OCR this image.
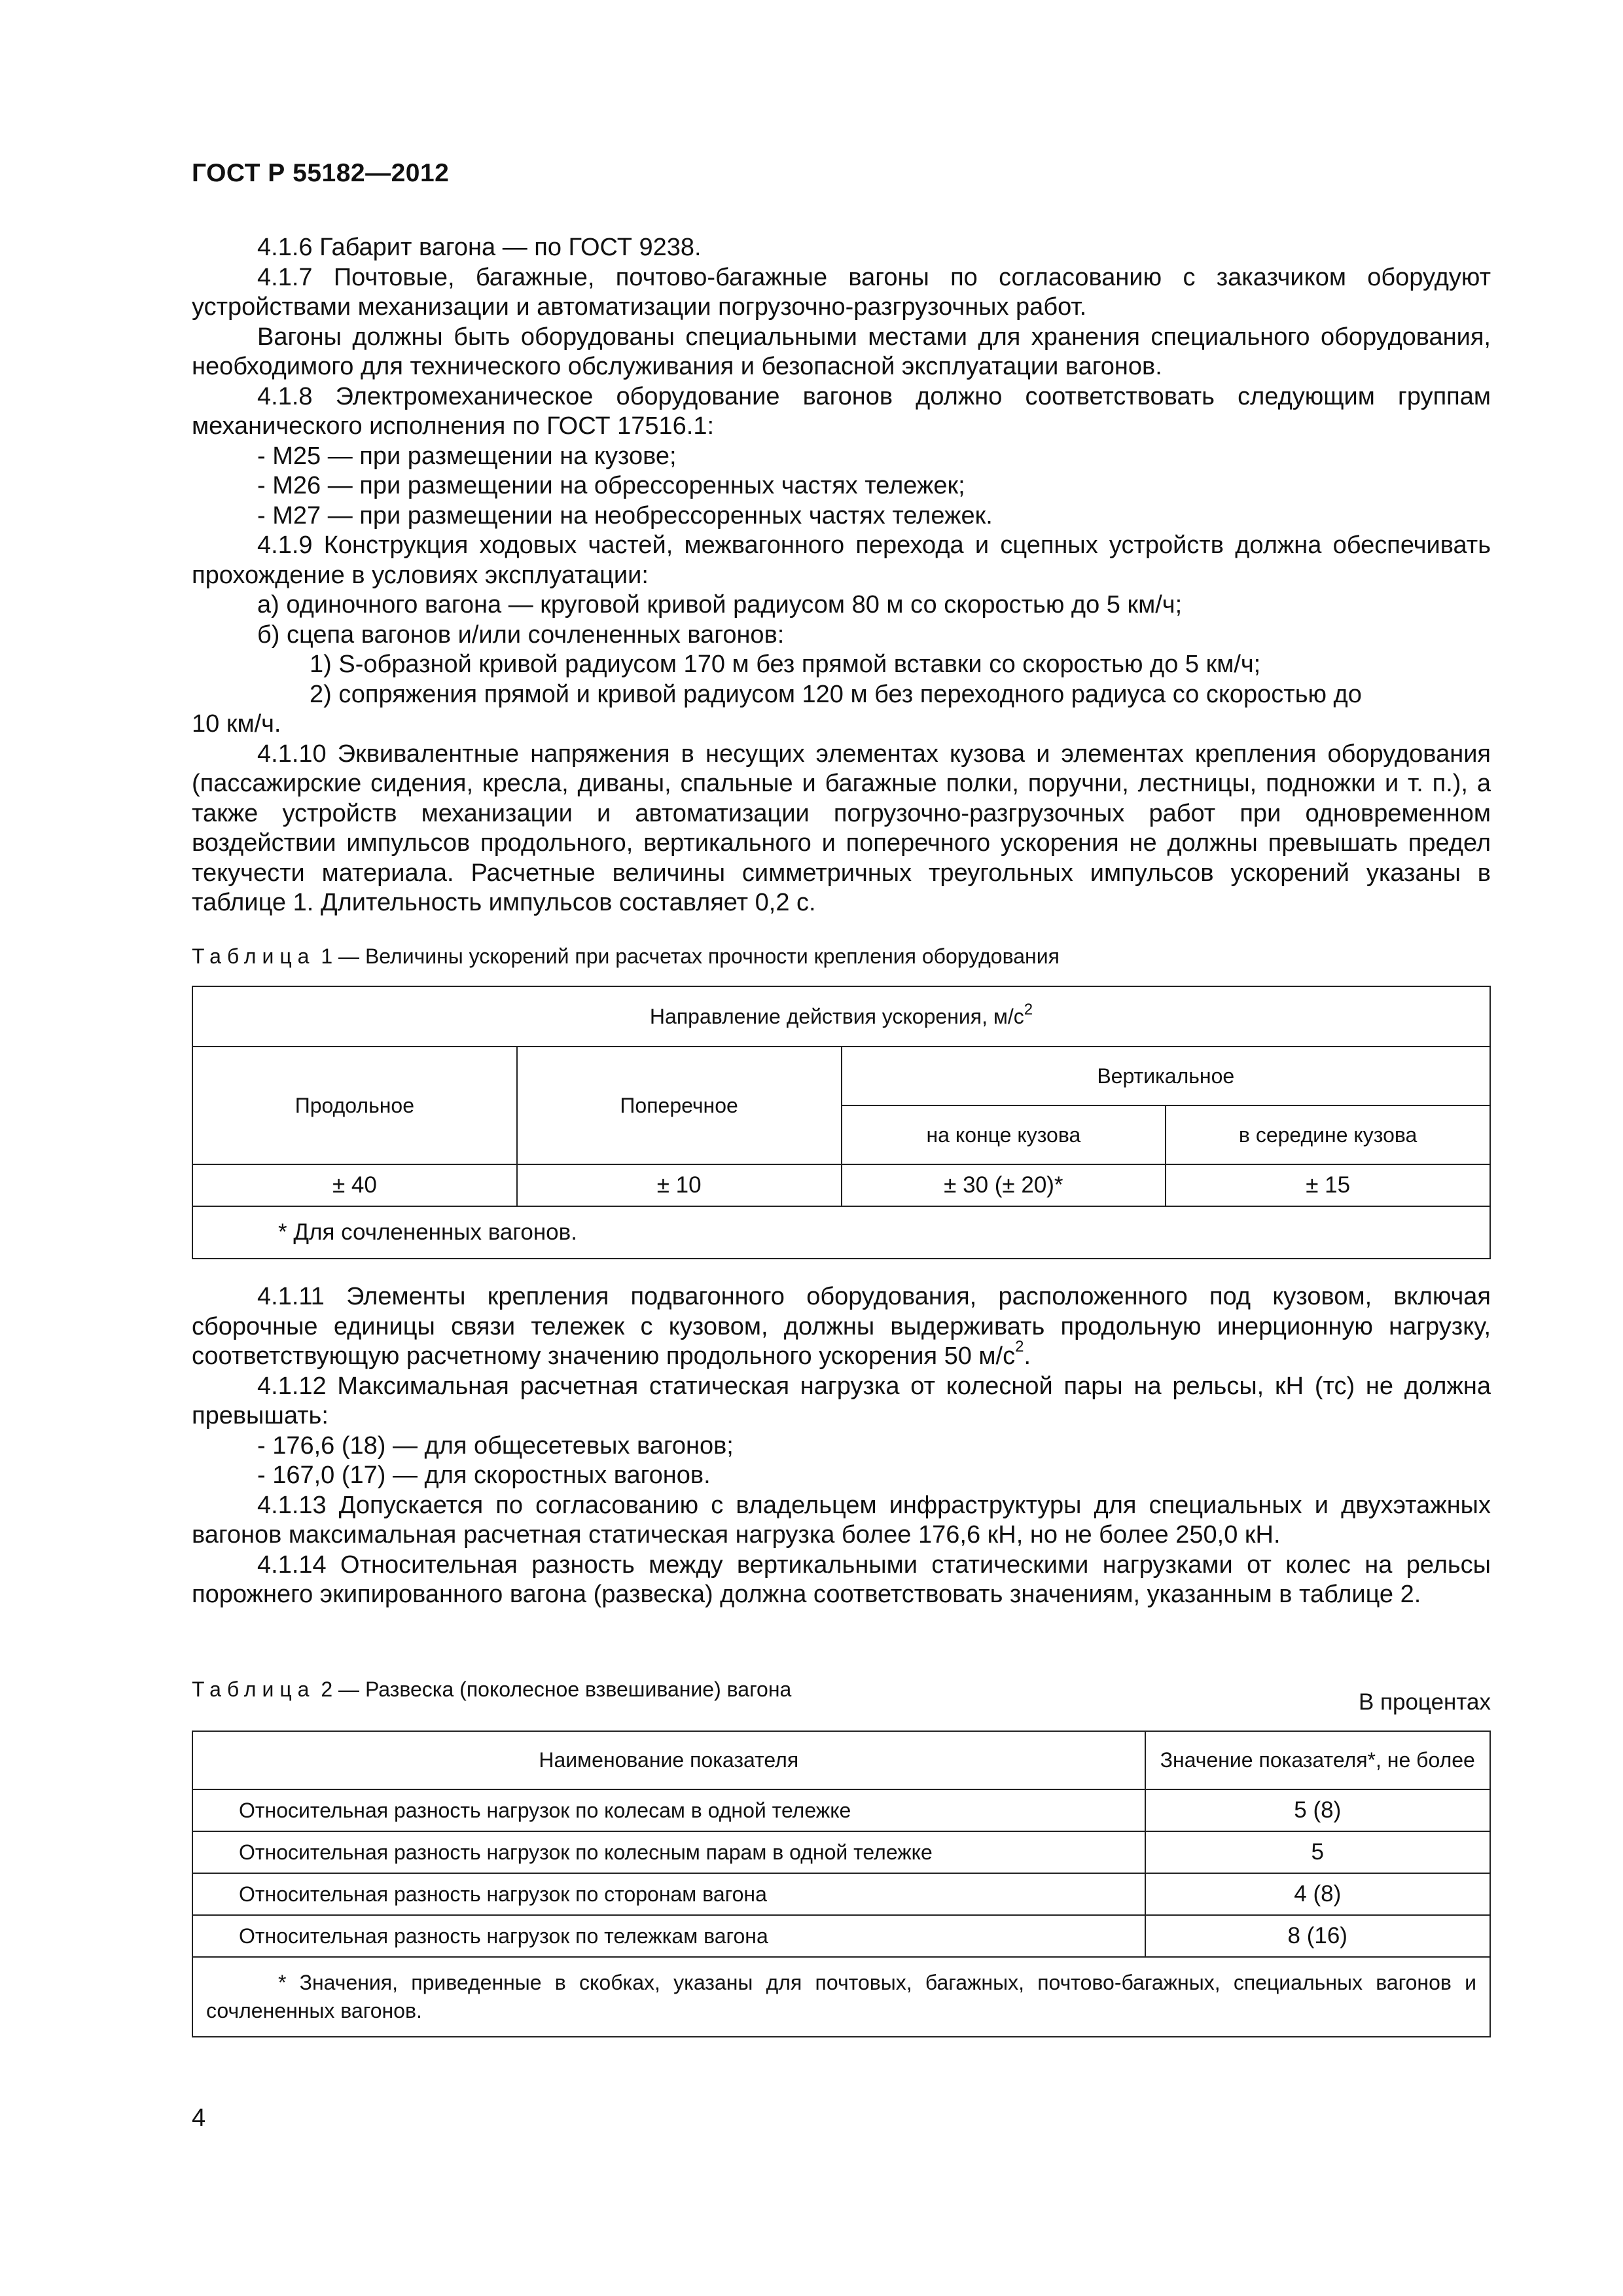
ГОСТ Р 55182—2012

4.1.6 Габарит вагона — по ГОСТ 9238.

4.1.7 Почтовые, багажные, почтово-багажные вагоны по согласованию с заказчиком оборудуют устройствами механизации и автоматизации погрузочно-разгрузочных работ.

Вагоны должны быть оборудованы специальными местами для хранения специального оборудования, необходимого для технического обслуживания и безопасной эксплуатации вагонов.

4.1.8 Электромеханическое оборудование вагонов должно соответствовать следующим группам механического исполнения по ГОСТ 17516.1:

- М25 — при размещении на кузове;

- М26 — при размещении на обрессоренных частях тележек;

- М27 — при размещении на необрессоренных частях тележек.

4.1.9 Конструкция ходовых частей, межвагонного перехода и сцепных устройств должна обеспечивать прохождение в условиях эксплуатации:

а) одиночного вагона — круговой кривой радиусом 80 м со скоростью до 5 км/ч;

б) сцепа вагонов и/или сочлененных вагонов:

1) S-образной кривой радиусом 170 м без прямой вставки со скоростью до 5 км/ч;

2) сопряжения прямой и кривой радиусом 120 м без переходного радиуса со скоростью до

10 км/ч.

4.1.10 Эквивалентные напряжения в несущих элементах кузова и элементах крепления оборудования (пассажирские сидения, кресла, диваны, спальные и багажные полки, поручни, лестницы, подножки и т. п.), а также устройств механизации и автоматизации погрузочно-разгрузочных работ при одновременном воздействии импульсов продольного, вертикального и поперечного ускорения не должны превышать предел текучести материала. Расчетные величины симметричных треугольных импульсов ускорений указаны в таблице 1. Длительность импульсов составляет 0,2 с.

Таблица 1 — Величины ускорений при расчетах прочности крепления оборудования
Направление действия ускорения, $м/с^2$
Продольное	Поперечное	Вертикальное	
		на конце кузова	в середине кузова
± 40	± 10	± 30 (± 20)*	± 15
* Для сочлененных вагонов.			

4.1.11 Элементы крепления подвагонного оборудования, расположенного под кузовом, включая сборочные единицы связи тележек с кузовом, должны выдерживать продольную инерционную нагрузку, соответствующую расчетному значению продольного ускорения 50 $м/с^2$.

4.1.12 Максимальная расчетная статическая нагрузка от колесной пары на рельсы, кН (тс) не должна превышать:

- 176,6 (18) — для общесетевых вагонов;

- 167,0 (17) — для скоростных вагонов.

4.1.13 Допускается по согласованию с владельцем инфраструктуры для специальных и двухэтажных вагонов максимальная расчетная статическая нагрузка более 176,6 кН, но не более 250,0 кН.

4.1.14 Относительная разность между вертикальными статическими нагрузками от колес на рельсы порожнего экипированного вагона (развеска) должна соответствовать значениям, указанным в таблице 2.

Таблица 2 — Развеска (поколесное взвешивание) вагона	В процентах
Наименование показателя	Значение показателя*, не более
Относительная разность нагрузок по колесам в одной тележке	5 (8)
Относительная разность нагрузок по колесным парам в одной тележке	5
Относительная разность нагрузок по сторонам вагона	4 (8)
Относительная разность нагрузок по тележкам вагона	8 (16)
* Значения, приведенные в скобках, указаны для почтовых, багажных, почтово-багажных, специальных вагонов и сочлененных вагонов.	
4
